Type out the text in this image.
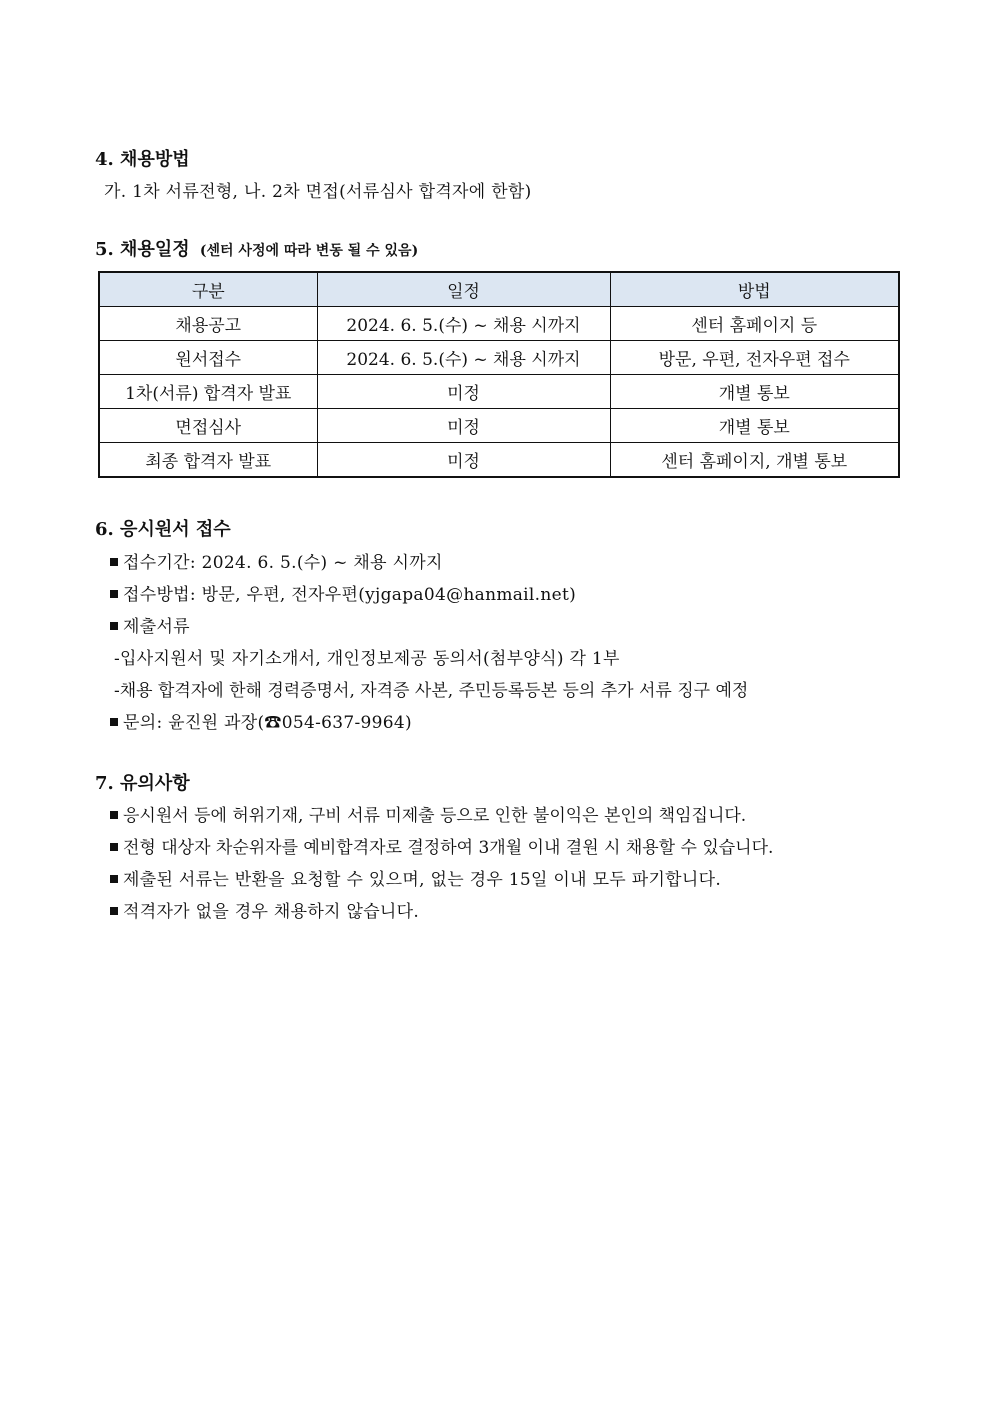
4. 채용방법
가. 1차 서류전형, 나. 2차 면접(서류심사 합격자에 한함)
5. 채용일정 (센터 사정에 따라 변동 될 수 있음)
구분	일정	방법
채용공고	2024. 6. 5.(수) ~ 채용 시까지	센터 홈페이지 등
원서접수	2024. 6. 5.(수) ~ 채용 시까지	방문, 우편, 전자우편 접수
1차(서류) 합격자 발표	미정	개별 통보
면접심사	미정	개별 통보
최종 합격자 발표	미정	센터 홈페이지, 개별 통보
6. 응시원서 접수
접수기간: 2024. 6. 5.(수) ~ 채용 시까지
접수방법: 방문, 우편, 전자우편(yjgapa04@hanmail.net)
제출서류
-입사지원서 및 자기소개서, 개인정보제공 동의서(첨부양식) 각 1부
-채용 합격자에 한해 경력증명서, 자격증 사본, 주민등록등본 등의 추가 서류 징구 예정
문의: 윤진원 과장(☎054-637-9964)
7. 유의사항
응시원서 등에 허위기재, 구비 서류 미제출 등으로 인한 불이익은 본인의 책임집니다.
전형 대상자 차순위자를 예비합격자로 결정하여 3개월 이내 결원 시 채용할 수 있습니다.
제출된 서류는 반환을 요청할 수 있으며, 없는 경우 15일 이내 모두 파기합니다.
적격자가 없을 경우 채용하지 않습니다.
